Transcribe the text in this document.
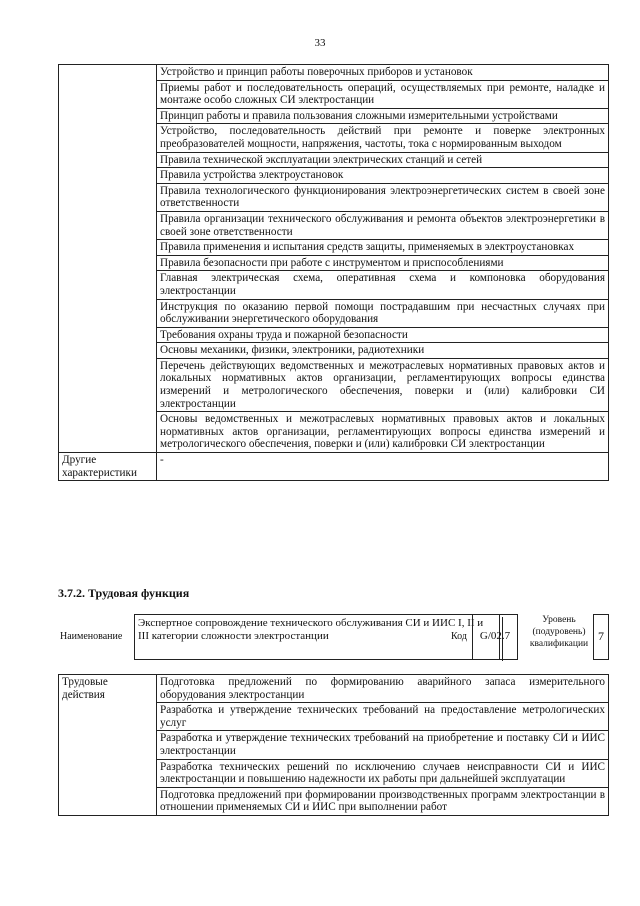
33
	Устройство и принцип работы поверочных приборов и установок
	Приемы работ и последовательность операций, осуществляемых при ремонте, наладке и монтаже особо сложных СИ электростанции
	Принцип работы и правила пользования сложными измерительными устройствами
	Устройство, последовательность действий при ремонте и поверке электронных преобразователей мощности, напряжения, частоты, тока с нормированным выходом
	Правила технической эксплуатации электрических станций и сетей
	Правила устройства электроустановок
	Правила технологического функционирования электроэнергетических систем в своей зоне ответственности
	Правила организации технического обслуживания и ремонта объектов электроэнергетики в своей зоне ответственности
	Правила применения и испытания средств защиты, применяемых в электроустановках
	Правила безопасности при работе с инструментом и приспособлениями
	Главная электрическая схема, оперативная схема и компоновка оборудования электростанции
	Инструкция по оказанию первой помощи пострадавшим при несчастных случаях при обслуживании энергетического оборудования
	Требования охраны труда и пожарной безопасности
	Основы механики, физики, электроники, радиотехники
	Перечень действующих ведомственных и межотраслевых нормативных правовых актов и локальных нормативных актов организации, регламентирующих вопросы единства измерений и метрологического обеспечения, поверки и (или) калибровки СИ электростанции
	Основы ведомственных и межотраслевых нормативных правовых актов и локальных нормативных актов организации, регламентирующих вопросы единства измерений и метрологического обеспечения, поверки и (или) калибровки СИ электростанции
Другие характеристики	-
3.7.2. Трудовая функция
Наименование
Экспертное сопровождение технического обслуживания СИ и ИИС I, II и III категории сложности электростанции	Код	G/02.7
Уровень (подуровень) квалификации
7
Трудовые действия	Подготовка предложений по формированию аварийного запаса измерительного оборудования электростанции
Разработка и утверждение технических требований на предоставление метрологических услуг
Разработка и утверждение технических требований на приобретение и поставку СИ и ИИС электростанции
Разработка технических решений по исключению случаев неисправности СИ и ИИС электростанции и повышению надежности их работы при дальнейшей эксплуатации
Подготовка предложений при формировании производственных программ электростанции в отношении применяемых СИ и ИИС при выполнении работ
